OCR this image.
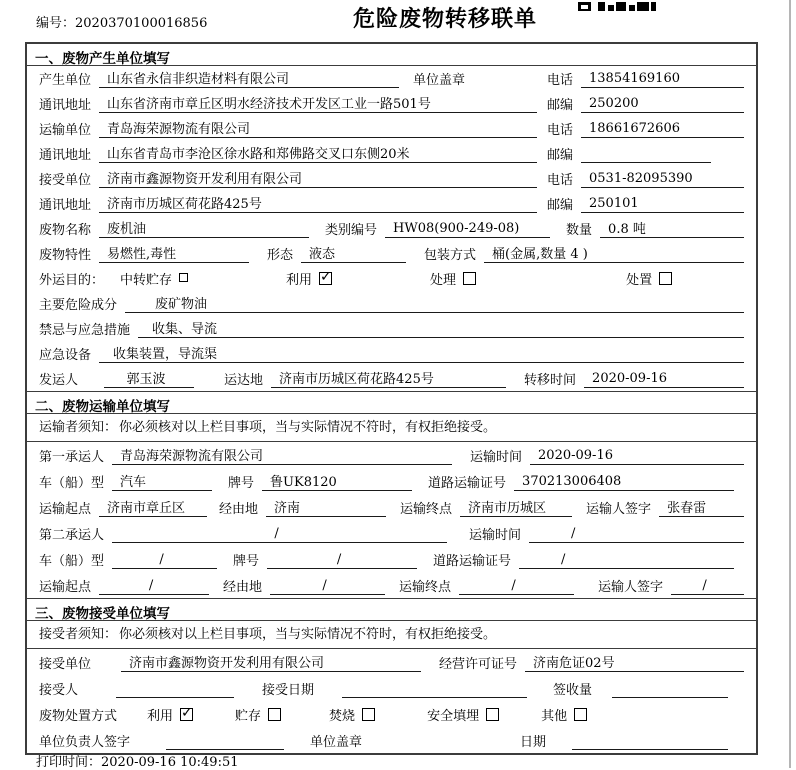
编号：2020370100016856	危险废物转移联单
一、废物产生单位填写
产生单位	山东省永信非织造材料有限公司	单位盖章	电话	13854169160
通讯地址	山东省济南市章丘区明水经济技术开发区工业一路501号	邮编	250200
运输单位	青岛海荣源物流有限公司	电话	18661672606
通讯地址	山东省青岛市李沧区徐水路和郑佛路交叉口东侧20米	邮编
接受单位	济南市鑫源物资开发利用有限公司	电话	0531-82095390
通讯地址	济南市历城区荷花路425号	邮编	250101
废物名称	废机油	类别编号	HW08(900-249-08)	数量	0.8 吨
废物特性	易燃性,毒性	形态	液态	包装方式	桶(金属,数量 4 )
外运目的：	中转贮存	利用 ✓	处理	处置
主要危险成分	废矿物油
禁忌与应急措施	收集、导流
应急设备	收集装置，导流渠
发运人	郭玉波	运达地	济南市历城区荷花路425号	转移时间	2020-09-16
二、废物运输单位填写
运输者须知： 你必须核对以上栏目事项，当与实际情况不符时，有权拒绝接受。
第一承运人	青岛海荣源物流有限公司	运输时间	2020-09-16
车（船）型	汽车	牌号	鲁UK8120	道路运输证号	370213006408
运输起点	济南市章丘区	经由地	济南	运输终点	济南市历城区	运输人签字	张春雷
第二承运人	/	运输时间	/
车（船）型	/	牌号	/	道路运输证号	/
运输起点	/	经由地	/	运输终点	/	运输人签字	/
三、废物接受单位填写
接受者须知： 你必须核对以上栏目事项，当与实际情况不符时，有权拒绝接受。
接受单位	济南市鑫源物资开发利用有限公司	经营许可证号	济南危证02号
接受人	接受日期	签收量
废物处置方式	利用 ✓	贮存	焚烧	安全填埋	其他
单位负责人签字	单位盖章	日期
打印时间：2020-09-16 10:49:51
